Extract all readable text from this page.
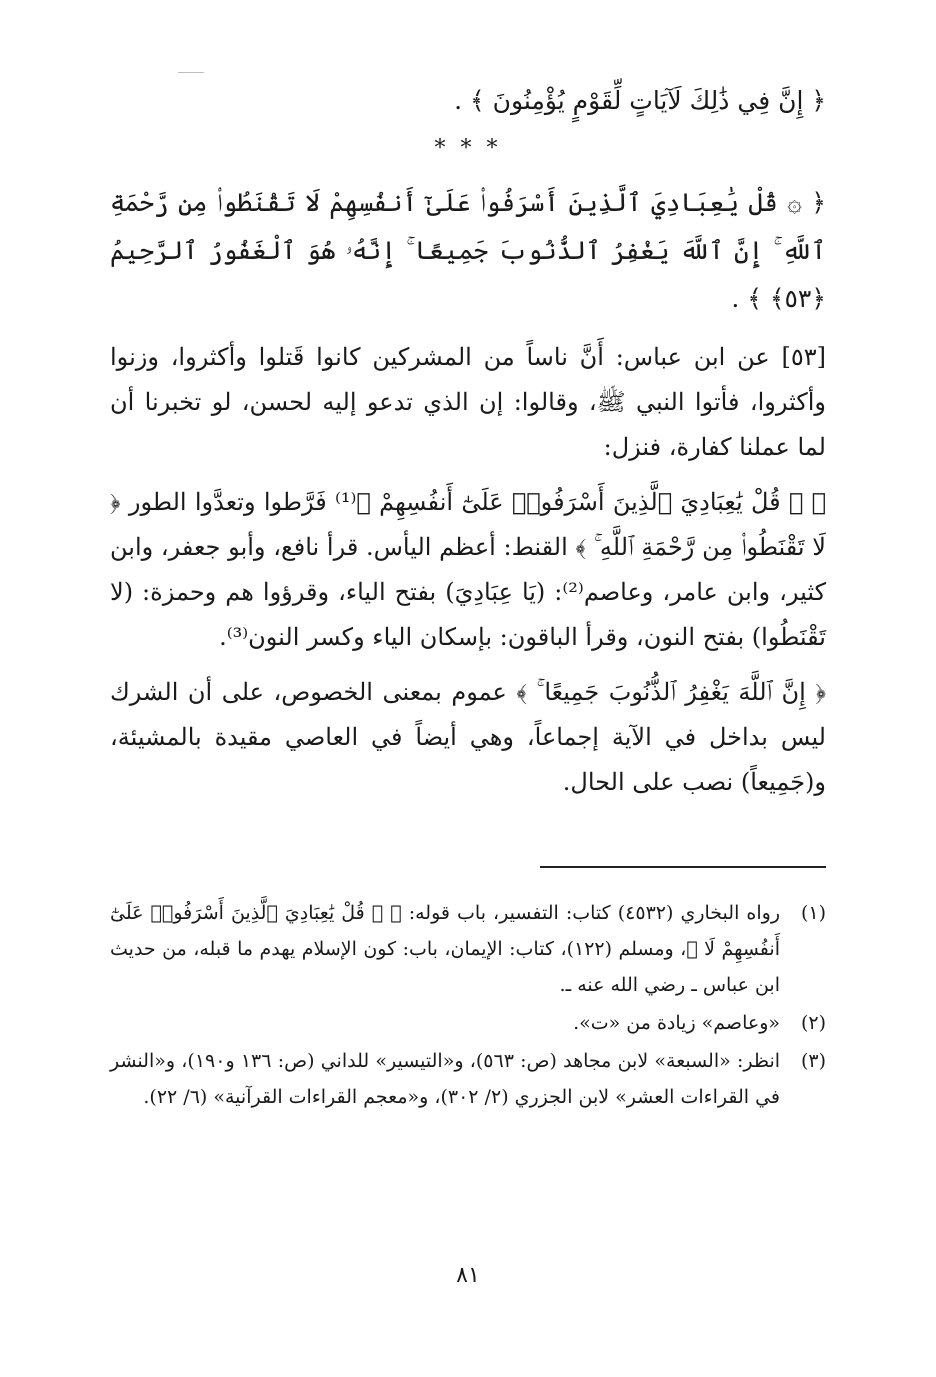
﴿ إِنَّ فِي ذَٰلِكَ لَآيَاتٍ لِّقَوْمٍ يُؤْمِنُونَ ﴾ .

* * *

﴿ ۞ قُلْ يَٰعِبَادِيَ ٱلَّذِينَ أَسْرَفُوا۟ عَلَىٰٓ أَنفُسِهِمْ لَا تَقْنَطُوا۟ مِن رَّحْمَةِ ٱللَّهِ ۚ إِنَّ ٱللَّهَ يَغْفِرُ ٱلذُّنُوبَ جَمِيعًا ۚ إِنَّهُۥ هُوَ ٱلْغَفُورُ ٱلرَّحِيمُ ﴿٥٣﴾ ﴾ .

[٥٣] عن ابن عباس: أَنَّ ناساً من المشركين كانوا قَتلوا وأكثروا، وزنوا وأكثروا، فأتوا النبي ﷺ، وقالوا: إن الذي تدعو إليه لحسن، لو تخبرنا أن لما عملنا كفارة، فنزل:

﴿ ۞ قُلْ يَٰعِبَادِيَ ٱلَّذِينَ أَسْرَفُوا۟ عَلَىٰٓ أَنفُسِهِمْ ﴾⁽¹⁾ فَرَّطوا وتعدَّوا الطور ﴿ لَا تَقْنَطُوا۟ مِن رَّحْمَةِ ٱللَّهِ ۚ ﴾ القنط: أعظم اليأس. قرأ نافع، وأبو جعفر، وابن كثير، وابن عامر، وعاصم⁽²⁾: (يَا عِبَادِيَ) بفتح الياء، وقرؤوا هم وحمزة: (لا تَقْنَطُوا) بفتح النون، وقرأ الباقون: بإسكان الياء وكسر النون⁽³⁾.

﴿ إِنَّ ٱللَّهَ يَغْفِرُ ٱلذُّنُوبَ جَمِيعًا ۚ ﴾ عموم بمعنى الخصوص، على أن الشرك ليس بداخل في الآية إجماعاً، وهي أيضاً في العاصي مقيدة بالمشيئة، و(جَمِيعاً) نصب على الحال.

(١)
رواه البخاري (٤٥٣٢) كتاب: التفسير، باب قوله: ﴿ ۞ قُلْ يَٰعِبَادِيَ ٱلَّذِينَ أَسْرَفُوا۟ عَلَىٰٓ أَنفُسِهِمْ لَا ﴾، ومسلم (١٢٢)، كتاب: الإيمان، باب: كون الإسلام يهدم ما قبله، من حديث ابن عباس ـ رضي الله عنه ـ.
(٢)
«وعاصم» زيادة من «ت».
(٣)
انظر: «السبعة» لابن مجاهد (ص: ٥٦٣)، و«التيسير» للداني (ص: ١٣٦ و١٩٠)، و«النشر في القراءات العشر» لابن الجزري (٢/ ٣٠٢)، و«معجم القراءات القرآنية» (٦/ ٢٢).
٨١
